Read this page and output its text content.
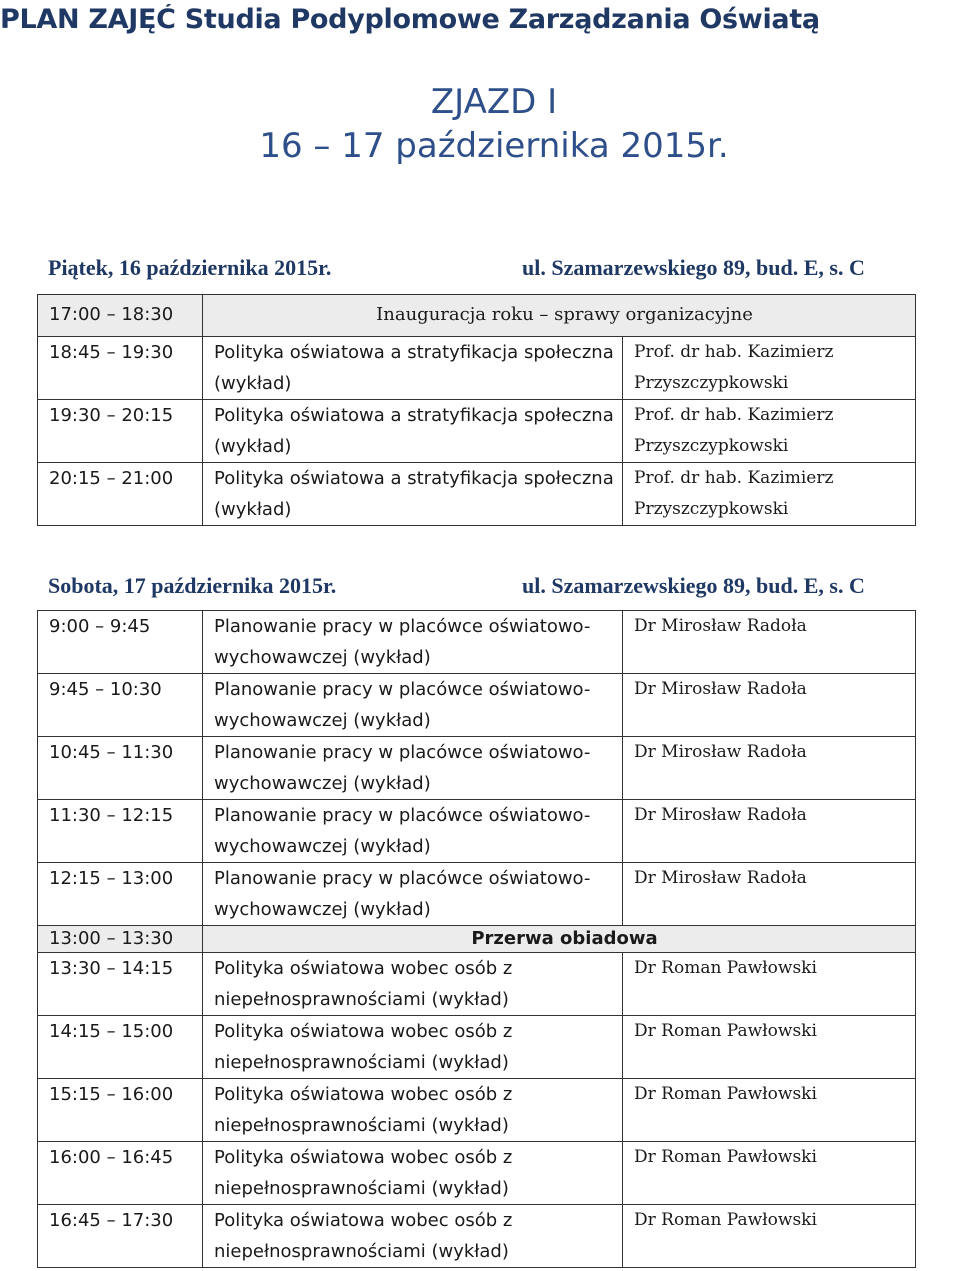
PLAN ZAJĘĆ Studia Podyplomowe Zarządzania Oświatą
ZJAZD I
16 – 17 października 2015r.
Piątek, 16 października 2015r.	ul. Szamarzewskiego 89, bud. E, s. C
17:00 – 18:30	Inauguracja roku – sprawy organizacyjne	
18:45 – 19:30	Polityka oświatowa a stratyfikacja społeczna (wykład)	Prof. dr hab. Kazimierz Przyszczypkowski
19:30 – 20:15	Polityka oświatowa a stratyfikacja społeczna (wykład)	Prof. dr hab. Kazimierz Przyszczypkowski
20:15 – 21:00	Polityka oświatowa a stratyfikacja społeczna (wykład)	Prof. dr hab. Kazimierz Przyszczypkowski
Sobota, 17 października 2015r.	ul. Szamarzewskiego 89, bud. E, s. C
9:00 – 9:45	Planowanie pracy w placówce oświatowo-wychowawczej (wykład)	Dr Mirosław Radoła
9:45 – 10:30	Planowanie pracy w placówce oświatowo-wychowawczej (wykład)	Dr Mirosław Radoła
10:45 – 11:30	Planowanie pracy w placówce oświatowo-wychowawczej (wykład)	Dr Mirosław Radoła
11:30 – 12:15	Planowanie pracy w placówce oświatowo-wychowawczej (wykład)	Dr Mirosław Radoła
12:15 – 13:00	Planowanie pracy w placówce oświatowo-wychowawczej (wykład)	Dr Mirosław Radoła
13:00 – 13:30	Przerwa obiadowa	
13:30 – 14:15	Polityka oświatowa wobec osób z niepełnosprawnościami (wykład)	Dr Roman Pawłowski
14:15 – 15:00	Polityka oświatowa wobec osób z niepełnosprawnościami (wykład)	Dr Roman Pawłowski
15:15 – 16:00	Polityka oświatowa wobec osób z niepełnosprawnościami (wykład)	Dr Roman Pawłowski
16:00 – 16:45	Polityka oświatowa wobec osób z niepełnosprawnościami (wykład)	Dr Roman Pawłowski
16:45 – 17:30	Polityka oświatowa wobec osób z niepełnosprawnościami (wykład)	Dr Roman Pawłowski
